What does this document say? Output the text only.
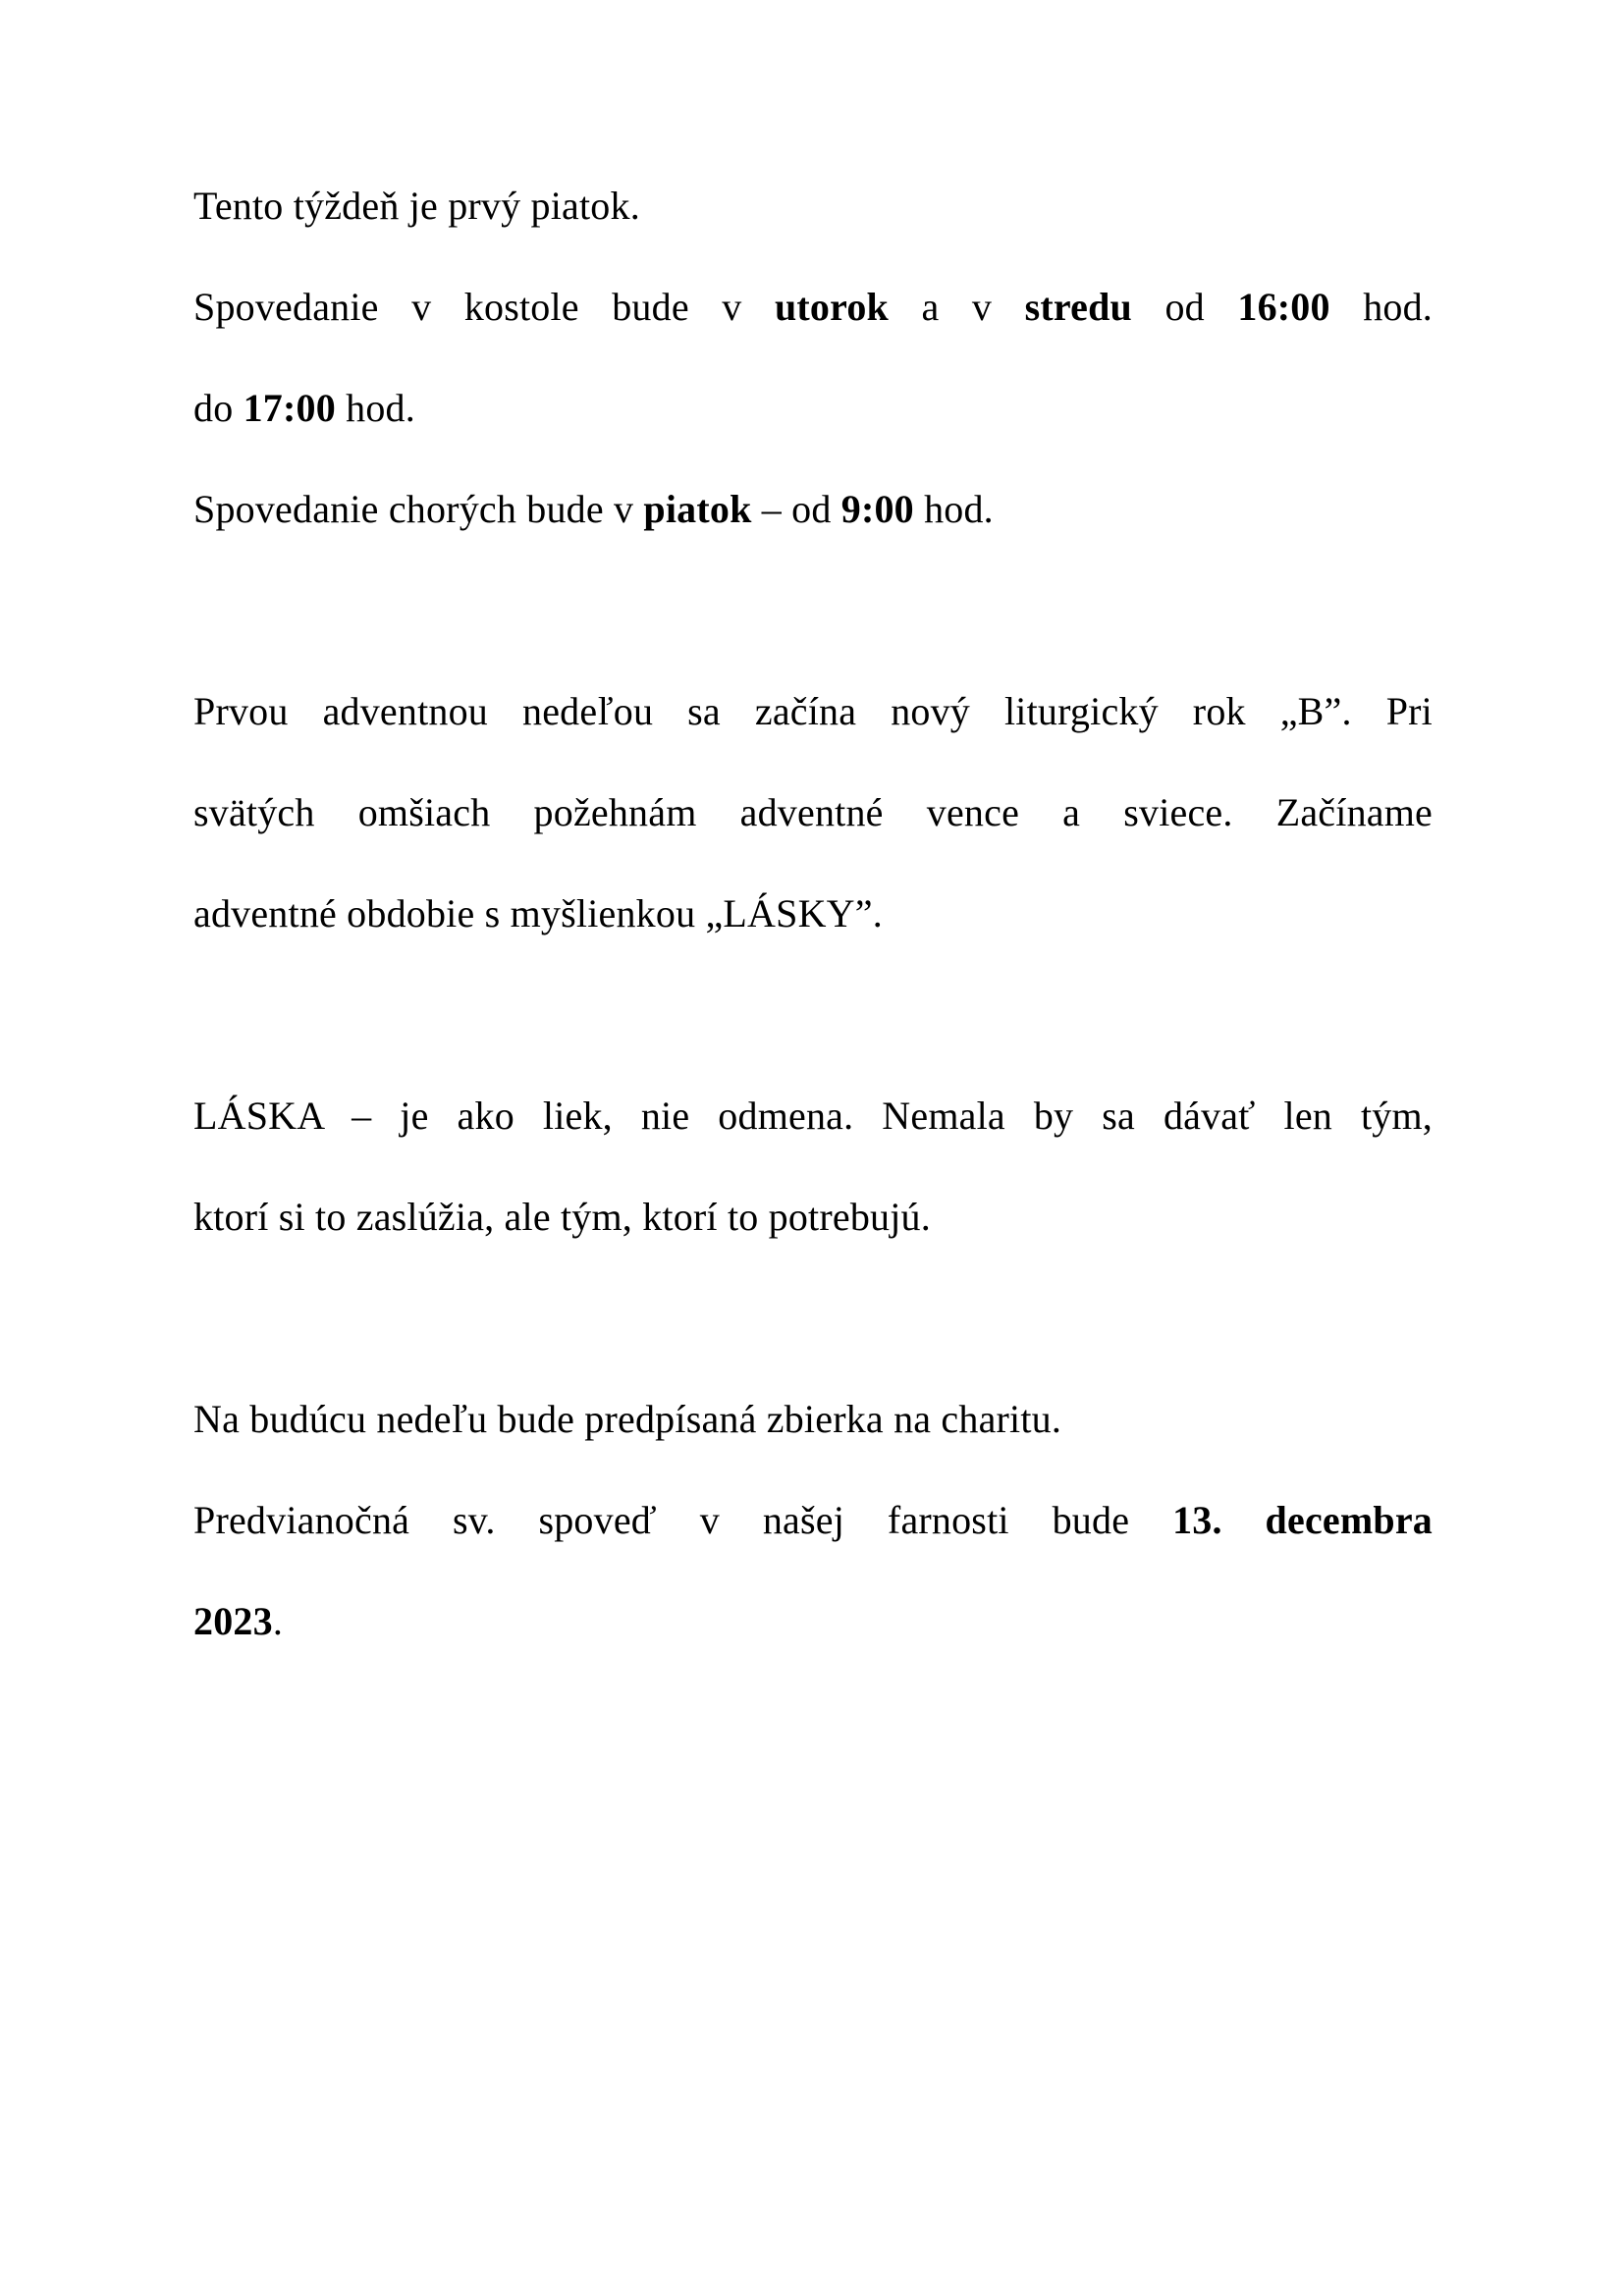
Tento týždeň je prvý piatok.
Spovedanie v kostole bude v utorok a v stredu od 16:00 hod.
do 17:00 hod.
Spovedanie chorých bude v piatok – od 9:00 hod.

Prvou adventnou nedeľou sa začína nový liturgický rok „B”. Pri
svätých omšiach požehnám adventné vence a sviece. Začíname
adventné obdobie s myšlienkou „LÁSKY”.

LÁSKA – je ako liek, nie odmena. Nemala by sa dávať len tým,
ktorí si to zaslúžia, ale tým, ktorí to potrebujú.

Na budúcu nedeľu bude predpísaná zbierka na charitu.
Predvianočná sv. spoveď v našej farnosti bude 13. decembra
2023.
